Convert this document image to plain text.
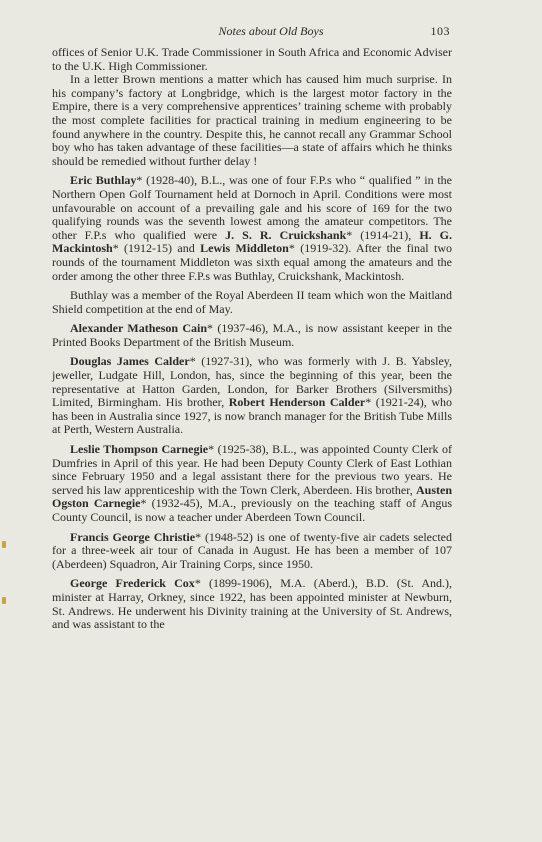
Notes about Old Boys	103

offices of Senior U.K. Trade Commissioner in South Africa and Economic Adviser to the U.K. High Commissioner.

In a letter Brown mentions a matter which has caused him much surprise. In his company’s factory at Longbridge, which is the largest motor factory in the Empire, there is a very comprehensive apprentices’ training scheme with probably the most complete facilities for practical training in medium engineering to be found anywhere in the country. Despite this, he cannot recall any Grammar School boy who has taken advantage of these facilities—a state of affairs which he thinks should be remedied without further delay !

Eric Buthlay* (1928-40), B.L., was one of four F.P.s who “ qualified ” in the Northern Open Golf Tournament held at Dornoch in April. Conditions were most unfavourable on account of a prevailing gale and his score of 169 for the two qualifying rounds was the seventh lowest among the amateur competitors. The other F.P.s who qualified were J. S. R. Cruickshank* (1914-21), H. G. Mackintosh* (1912-15) and Lewis Middleton* (1919-32). After the final two rounds of the tournament Middleton was sixth equal among the amateurs and the order among the other three F.P.s was Buthlay, Cruickshank, Mackintosh.

Buthlay was a member of the Royal Aberdeen II team which won the Maitland Shield competition at the end of May.

Alexander Matheson Cain* (1937-46), M.A., is now assistant keeper in the Printed Books Department of the British Museum.

Douglas James Calder* (1927-31), who was formerly with J. B. Yabsley, jeweller, Ludgate Hill, London, has, since the beginning of this year, been the representative at Hatton Garden, London, for Barker Brothers (Silversmiths) Limited, Birmingham. His brother, Robert Henderson Calder* (1921-24), who has been in Australia since 1927, is now branch manager for the British Tube Mills at Perth, Western Australia.

Leslie Thompson Carnegie* (1925-38), B.L., was appointed County Clerk of Dumfries in April of this year. He had been Deputy County Clerk of East Lothian since February 1950 and a legal assistant there for the previous two years. He served his law apprenticeship with the Town Clerk, Aberdeen. His brother, Austen Ogston Carnegie* (1932-45), M.A., previously on the teaching staff of Angus County Council, is now a teacher under Aberdeen Town Council.

Francis George Christie* (1948-52) is one of twenty-five air cadets selected for a three-week air tour of Canada in August. He has been a member of 107 (Aberdeen) Squadron, Air Training Corps, since 1950.

George Frederick Cox* (1899-1906), M.A. (Aberd.), B.D. (St. And.), minister at Harray, Orkney, since 1922, has been appointed minister at Newburn, St. Andrews. He underwent his Divinity training at the University of St. Andrews, and was assistant to the
